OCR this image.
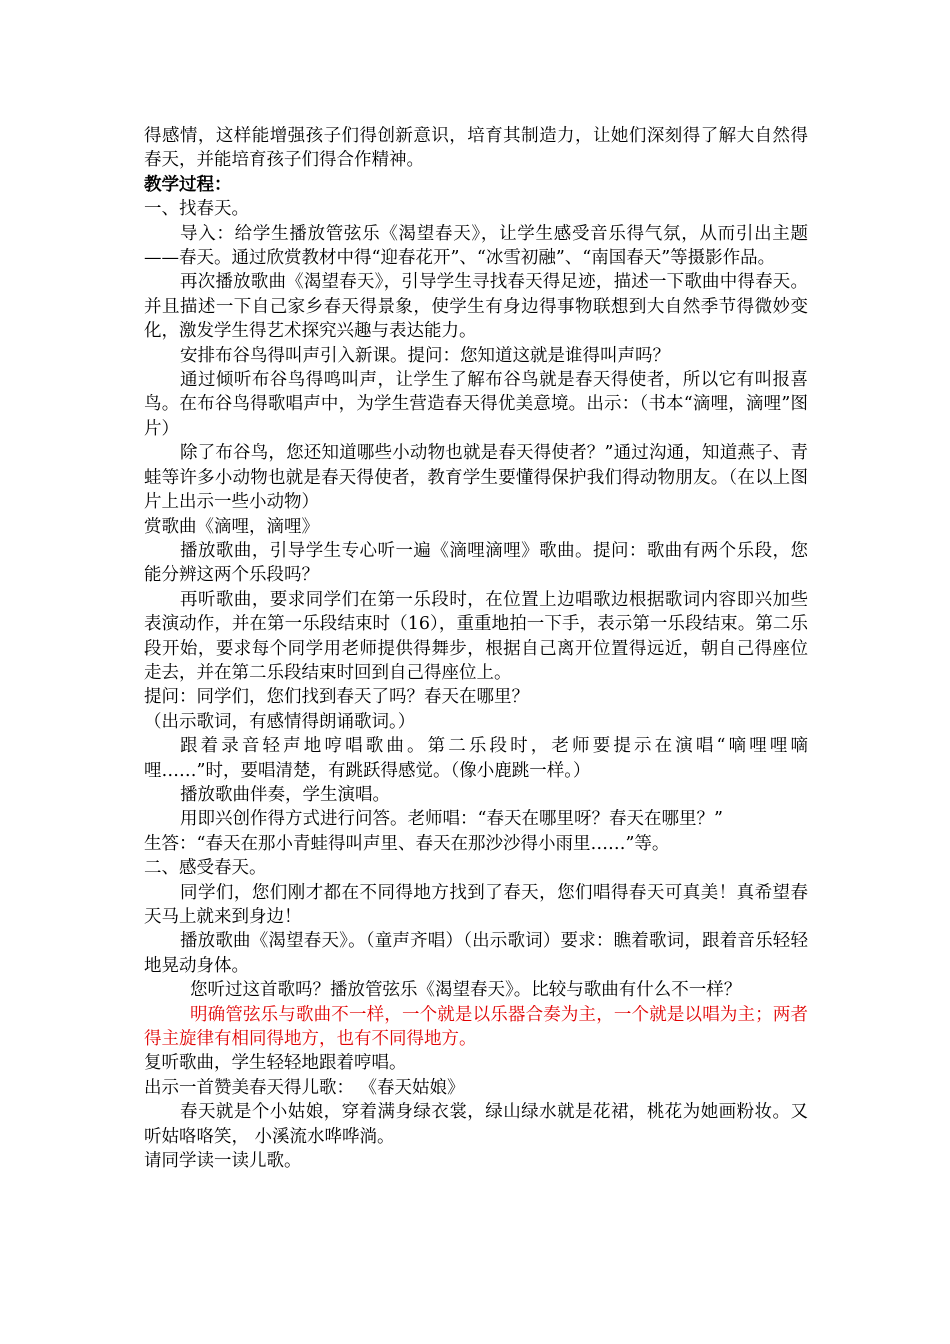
得感情，这样能增强孩子们得创新意识，培育其制造力，让她们深刻得了解大自然得春天，并能培育孩子们得合作精神。

教学过程：

一、找春天。

导入：给学生播放管弦乐《渴望春天》，让学生感受音乐得气氛，从而引出主题——春天。通过欣赏教材中得“迎春花开”、“冰雪初融”、“南国春天”等摄影作品。

再次播放歌曲《渴望春天》，引导学生寻找春天得足迹，描述一下歌曲中得春天。并且描述一下自己家乡春天得景象，使学生有身边得事物联想到大自然季节得微妙变化，激发学生得艺术探究兴趣与表达能力。

安排布谷鸟得叫声引入新课。提问：您知道这就是谁得叫声吗？

通过倾听布谷鸟得鸣叫声，让学生了解布谷鸟就是春天得使者，所以它有叫报喜鸟。在布谷鸟得歌唱声中，为学生营造春天得优美意境。出示：（书本“滴哩，滴哩”图片）

除了布谷鸟，您还知道哪些小动物也就是春天得使者？”通过沟通，知道燕子、青蛙等许多小动物也就是春天得使者，教育学生要懂得保护我们得动物朋友。（在以上图片上出示一些小动物）

赏歌曲《滴哩，滴哩》

播放歌曲，引导学生专心听一遍《滴哩滴哩》歌曲。提问：歌曲有两个乐段，您能分辨这两个乐段吗？

再听歌曲，要求同学们在第一乐段时，在位置上边唱歌边根据歌词内容即兴加些表演动作，并在第一乐段结束时（16），重重地拍一下手，表示第一乐段结束。第二乐段开始，要求每个同学用老师提供得舞步，根据自己离开位置得远近，朝自己得座位走去，并在第二乐段结束时回到自己得座位上。

提问：同学们，您们找到春天了吗？春天在哪里？

（出示歌词，有感情得朗诵歌词。）

跟着录音轻声地哼唱歌曲。第二乐段时，老师要提示在演唱“嘀哩哩嘀哩……”时，要唱清楚，有跳跃得感觉。（像小鹿跳一样。）

播放歌曲伴奏，学生演唱。

用即兴创作得方式进行问答。老师唱：“春天在哪里呀？春天在哪里？”

生答：“春天在那小青蛙得叫声里、春天在那沙沙得小雨里……”等。

二、感受春天。

同学们，您们刚才都在不同得地方找到了春天，您们唱得春天可真美！真希望春天马上就来到身边！

播放歌曲《渴望春天》。（童声齐唱）（出示歌词）要求：瞧着歌词，跟着音乐轻轻地晃动身体。

您听过这首歌吗？播放管弦乐《渴望春天》。比较与歌曲有什么不一样？

明确管弦乐与歌曲不一样，一个就是以乐器合奏为主，一个就是以唱为主；两者得主旋律有相同得地方，也有不同得地方。

复听歌曲，学生轻轻地跟着哼唱。

出示一首赞美春天得儿歌： 《春天姑娘》

春天就是个小姑娘，穿着满身绿衣裳，绿山绿水就是花裙，桃花为她画粉妆。又听姑咯咯笑， 小溪流水哗哗淌。

请同学读一读儿歌。
